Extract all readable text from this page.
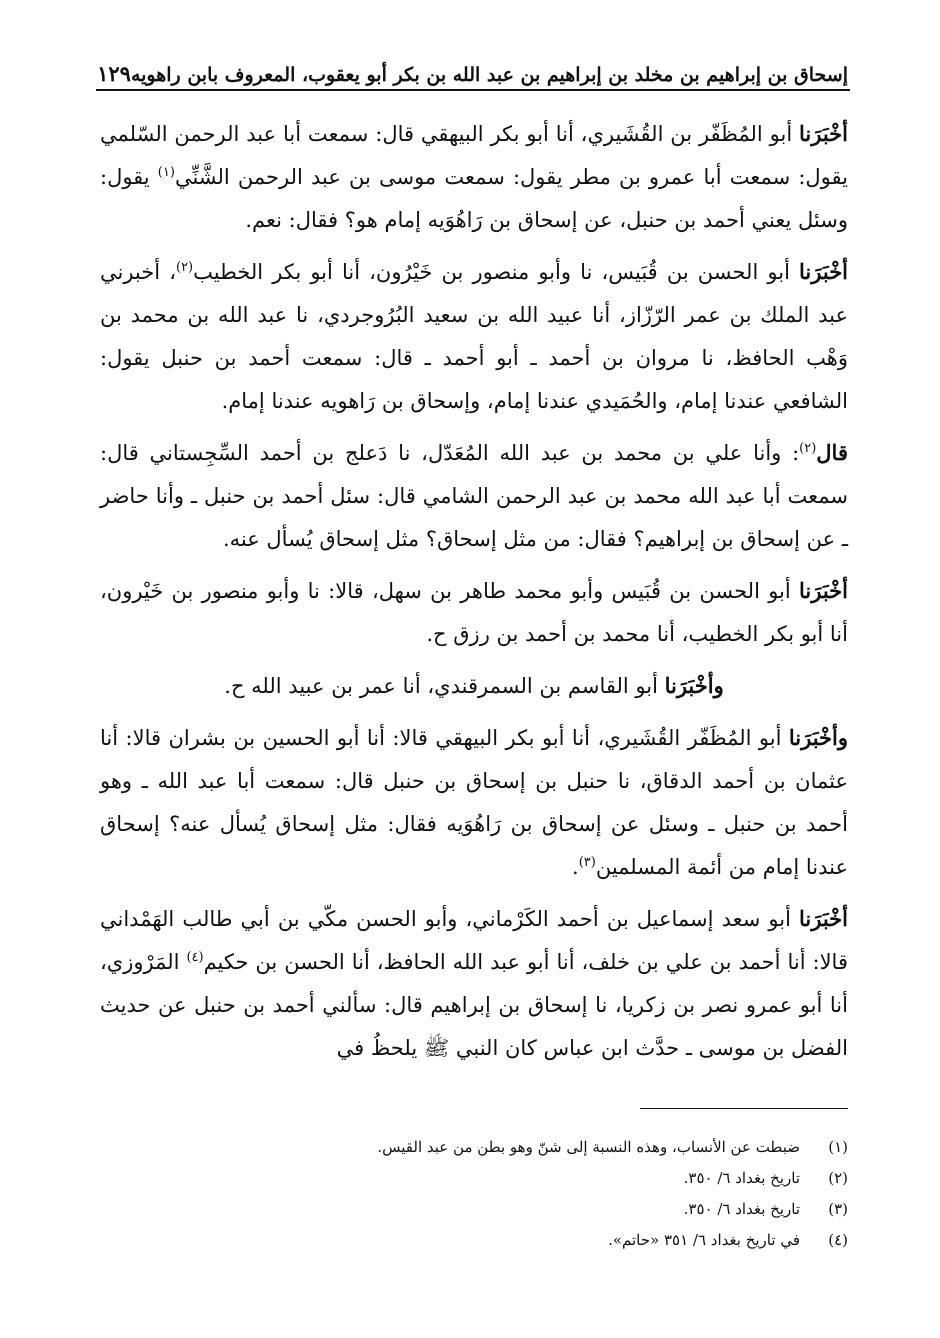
إسحاق بن إبراهيم بن مخلد بن إبراهيم بن عبد الله بن بكر أبو يعقوب، المعروف بابن راهويه
١٢٩

أخْبَرَنا أبو المُظَفّر بن القُشَيري، أنا أبو بكر البيهقي قال: سمعت أبا عبد الرحمن السّلمي يقول: سمعت أبا عمرو بن مطر يقول: سمعت موسى بن عبد الرحمن الشَّنِّي$^{(١)}$ يقول: وسئل يعني أحمد بن حنبل، عن إسحاق بن رَاهُوَيه إمام هو؟ فقال: نعم.

أخْبَرَنا أبو الحسن بن قُبَيس، نا وأبو منصور بن خَيْرُون، أنا أبو بكر الخطيب$^{(٢)}$، أخبرني عبد الملك بن عمر الرّزّاز، أنا عبيد الله بن سعيد البُرُوجردي، نا عبد الله بن محمد بن وَهْب الحافظ، نا مروان بن أحمد ـ أبو أحمد ـ قال: سمعت أحمد بن حنبل يقول: الشافعي عندنا إمام، والحُمَيدي عندنا إمام، وإسحاق بن رَاهويه عندنا إمام.

قال$^{(٢)}$: وأنا علي بن محمد بن عبد الله المُعَدّل، نا دَعلج بن أحمد السِّجِستاني قال: سمعت أبا عبد الله محمد بن عبد الرحمن الشامي قال: سئل أحمد بن حنبل ـ وأنا حاضر ـ عن إسحاق بن إبراهيم؟ فقال: من مثل إسحاق؟ مثل إسحاق يُسأل عنه.

أخْبَرَنا أبو الحسن بن قُبَيس وأبو محمد طاهر بن سهل، قالا: نا وأبو منصور بن خَيْرون، أنا أبو بكر الخطيب، أنا محمد بن أحمد بن رزق ح.

وأخْبَرَنا أبو القاسم بن السمرقندي، أنا عمر بن عبيد الله ح.

وأخْبَرَنا أبو المُظَفّر القُشَيري، أنا أبو بكر البيهقي قالا: أنا أبو الحسين بن بشران قالا: أنا عثمان بن أحمد الدقاق، نا حنبل بن إسحاق بن حنبل قال: سمعت أبا عبد الله ـ وهو أحمد بن حنبل ـ وسئل عن إسحاق بن رَاهُوَيه فقال: مثل إسحاق يُسأل عنه؟ إسحاق عندنا إمام من أئمة المسلمين$^{(٣)}$.

أخْبَرَنا أبو سعد إسماعيل بن أحمد الكَرْماني، وأبو الحسن مكّي بن أبي طالب الهَمْداني قالا: أنا أحمد بن علي بن خلف، أنا أبو عبد الله الحافظ، أنا الحسن بن حكيم$^{(٤)}$ المَرْوزي، أنا أبو عمرو نصر بن زكريا، نا إسحاق بن إبراهيم قال: سألني أحمد بن حنبل عن حديث الفضل بن موسى ـ حدَّث ابن عباس كان النبي ﷺ يلحظُ في

(١)
ضبطت عن الأنساب، وهذه النسبة إلى شنّ وهو بطن من عبد القيس.
(٢)
تاريخ بغداد ٦/ ٣٥٠.
(٣)
تاريخ بغداد ٦/ ٣٥٠.
(٤)
في تاريخ بغداد ٦/ ٣٥١ «حاتم».
